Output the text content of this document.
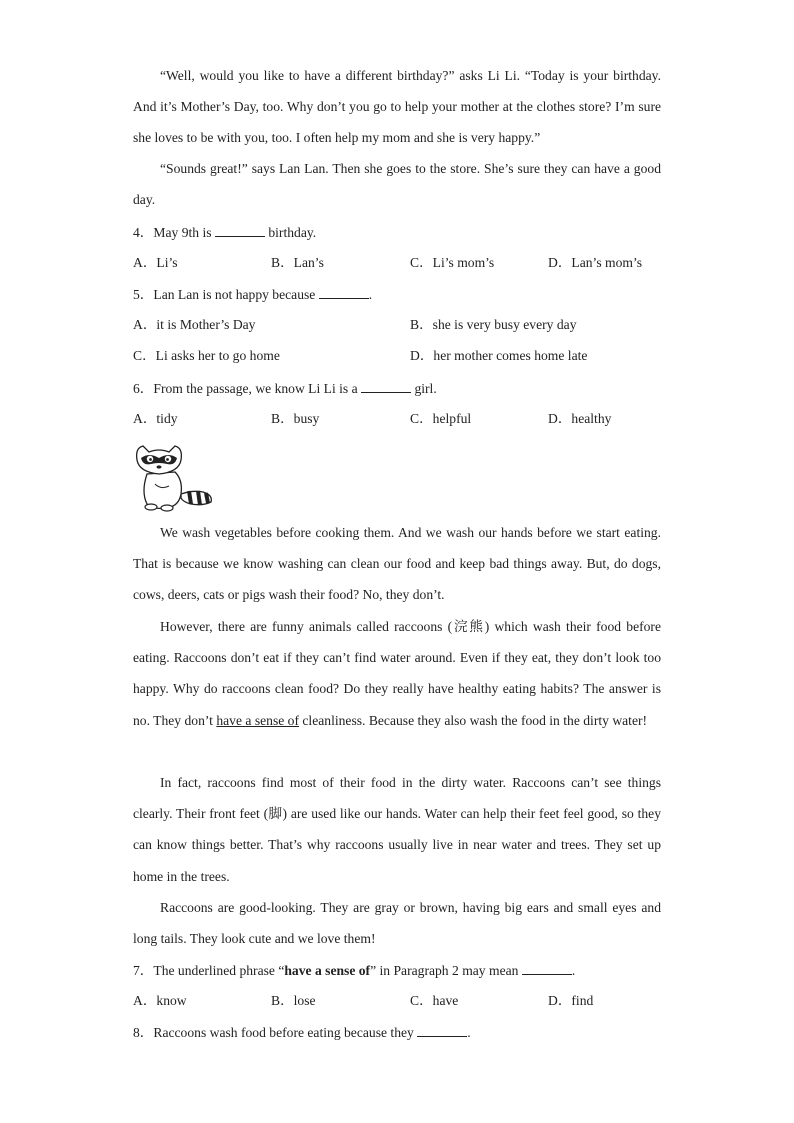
“Well, would you like to have a different birthday?” asks Li Li. “Today is your birthday. And it’s Mother’s Day, too. Why don’t you go to help your mother at the clothes store? I’m sure she loves to be with you, too. I often help my mom and she is very happy.”
“Sounds great!” says Lan Lan. Then she goes to the store. She’s sure they can have a good day.
4．May 9th is	birthday.
A．Li’s	B．Lan’s	C．Li’s mom’s	D．Lan’s mom’s
5．Lan Lan is not happy because	.
A．it is Mother’s Day	B．she is very busy every day
C．Li asks her to go home	D．her mother comes home late
6．From the passage, we know Li Li is a	girl.
A．tidy	B．busy	C．helpful	D．healthy
We wash vegetables before cooking them. And we wash our hands before we start eating. That is because we know washing can clean our food and keep bad things away. But, do dogs, cows, deers, cats or pigs wash their food? No, they don’t.
However, there are funny animals called raccoons (浣熊) which wash their food before eating. Raccoons don’t eat if they can’t find water around. Even if they eat, they don’t look too happy. Why do raccoons clean food? Do they really have healthy eating habits? The answer is no. They don’t have a sense of cleanliness. Because they also wash the food in the dirty water!
In fact, raccoons find most of their food in the dirty water. Raccoons can’t see things clearly. Their front feet (脚) are used like our hands. Water can help their feet feel good, so they can know things better. That’s why raccoons usually live in near water and trees. They set up home in the trees.
Raccoons are good-looking. They are gray or brown, having big ears and small eyes and long tails. They look cute and we love them!
7．The underlined phrase “have a sense of” in Paragraph 2 may mean	.
A．know	B．lose	C．have	D．find
8．Raccoons wash food before eating because they	.
